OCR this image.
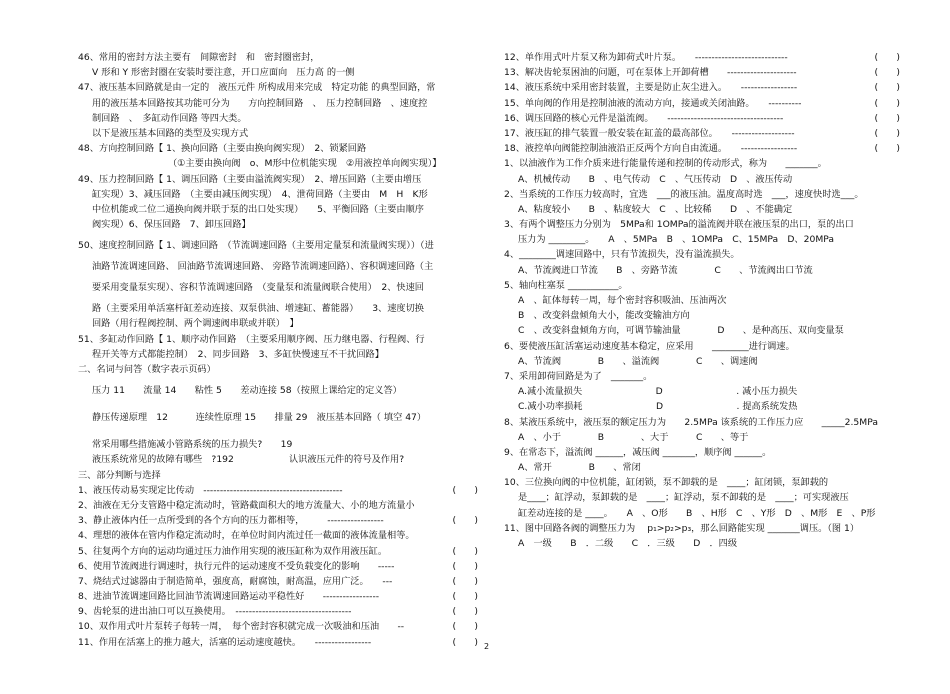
46、常用的密封方法主要有　间隙密封　和　密封圈密封，
V 形和 Y 形密封圈在安装时要注意，开口应面向　压力高 的一侧
47、液压基本回路就是由一定的　液压元件 所构成用来完成　特定功能 的典型回路，常
用的液压基本回路按其功能可分为　　方向控制回路　、　压力控制回路　、速度控
制回路　、　多缸动作回路 等四大类。
以下是液压基本回路的类型及实现方式
48、方向控制回路【 1、换向回路（主要由换向阀实现）　2、锁紧回路
（①主要由换向阀　o、M形中位机能实现　②用液控单向阀实现）】
49、压力控制回路【 1、调压回路（主要由溢流阀实现）　2、增压回路（主要由增压
缸实现）3、减压回路　（主要由减压阀实现）　4、泄荷回路（主要由　M　H　K形
中位机能或二位二通换向阀并联于泵的出口处实现）　　5、平衡回路（主要由顺序
阀实现）6、保压回路　7、卸压回路】
50、速度控制回路【 1、调速回路　（节流调速回路（主要用定量泵和流量阀实现））（进
油路节流调速回路、 回油路节流调速回路、 旁路节流调速回路）、容积调速回路（主
要采用变量泵实现）、容积节流调速回路　（变量泵和流量阀联合使用）　2、快速回
路（主要采用单活塞杆缸差动连接、双泵供油、增速缸、蓄能器）　　3、速度切换
回路（用行程阀控制、两个调速阀串联或并联）　】
51、多缸动作回路【 1、顺序动作回路　（主要采用顺序阀、压力继电器、行程阀、行
程开关等方式都能控制）　2、同步回路　3、多缸快慢速互不干扰回路】
二、名词与问答（数字表示页码）
压力 11　　流量 14　　粘性 5　　差动连接 58（按照上课给定的定义答）
静压传递原理　12　　　连续性原理 15　　排量 29　液压基本回路（ 填空 47）
常采用哪些措施减小管路系统的压力损失?　　19
液压系统常见的故障有哪些　?192　　　　　　认识液压元件的符号及作用?
三、部分判断与选择
1、液压传动易实现定比传动　------------------------------------------	(　　)
2、油液在无分支管路中稳定流动时，管路截面积大的地方流量大、小的地方流量小
3、静止液体内任一点所受到的各个方向的压力都相等，　　　-----------------	(　　)
4、理想的液体在管内作稳定流动时，在单位时间内流过任一截面的液体流量相等。
5、往复两个方向的运动均通过压力油作用实现的液压缸称为双作用液压缸。	(　　)
6、使用节流阀进行调速时，执行元件的运动速度不受负载变化的影响　　-----	(　　)
7、烧结式过滤器由于制造简单，强度高，耐腐蚀，耐高温，应用广泛。　　---	(　　)
8、进油节流调速回路比回油节流调速回路运动平稳性好　　-----------------	(　　)
9、齿轮泵的进出油口可以互换使用。　-----------------------------------	(　　)
10、双作用式叶片泵转子每转一周，　每个密封容积就完成一次吸油和压油　　--	(　　)
11、作用在活塞上的推力越大，活塞的运动速度越快。　　-----------------	(　　)
12、单作用式叶片泵又称为卸荷式叶片泵。　　----------------------------	(　　)
13、解决齿轮泵困油的问题，可在泵体上开卸荷槽　　---------------------	(　　)
14、液压系统中采用密封装置，主要是防止灰尘进入。　　-----------------	(　　)
15、单向阀的作用是控制油液的流动方向，接通或关闭油路。　　----------	(　　)
16、调压回路的核心元件是溢流阀。　　-----------------------------------	(　　)
17、液压缸的排气装置一般安装在缸盖的最高部位。　　-------------------	(　　)
18、液控单向阀能控制油液沿正反两个方向自由流通。　　-----------------	(　　)
1、以油液作为工作介质来进行能量传递和控制的传动形式，称为　　_______。
A、机械传动　　B　、电气传动　C　、气压传动　D　、液压传动
2、当系统的工作压力较高时，宜选　___的液压油。温度高时选　___，速度快时选___。
A、粘度较小　　B　、粘度较大　C　、比较稀　　D　、不能确定
3、有两个调整压力分别为　5MPa和 1OMPa的溢流阀并联在液压泵的出口，泵的出口
压力为 ________。　　A　、5MPa　B　、1OMPa　C、15MPa　D、20MPa
4、________调速回路中，只有节流损失，没有溢流损失。
A、节流阀进口节流　　B　、旁路节流　　　　C　　、节流阀出口节流
5、轴向柱塞泵 ___________。
A　、缸体每转一周，每个密封容积吸油、压油两次
B　、改变斜盘倾角大小，能改变输油方向
C　、改变斜盘倾角方向，可调节输油量　　　　D　　、是种高压、双向变量泵
6、要使液压缸活塞运动速度基本稳定，应采用　　________进行调速。
A、节流阀　　　　B　　、溢流阀　　　　C　　、调速阀
7、采用卸荷回路是为了　_______。
A.减小流量损失　　　　　　　　D　　　　　　　　. 减小压力损失
C.减小功率损耗　　　　　　　　D　　　　　　　　. 提高系统发热
8、某液压系统中，液压泵的额定压力为　　2.5MPa 该系统的工作压力应　　_____2.5MPa
A　、小于　　　　B　　　　、大于　　　C　　、等于
9、在常态下，溢流阀 ______，减压阀 _______，顺序阀 ______。
A、常开　　　　B　　、常闭
10、三位换向阀的中位机能，缸闭锁，泵不卸载的是　____；缸闭锁，泵卸载的
是____；缸浮动，泵卸载的是　____；缸浮动，泵不卸载的是　____；可实现液压
缸差动连接的是 ____。　　A　、O形　　B　、H形　C　、Y形　D　、M形　E　、P形
11、图中回路各阀的调整压力为　 p₁>p₂>p₃，那么回路能实现 _______调压。（图 1）
A　一级　　B　．二级　　C　．三级　　D　．四级
2
